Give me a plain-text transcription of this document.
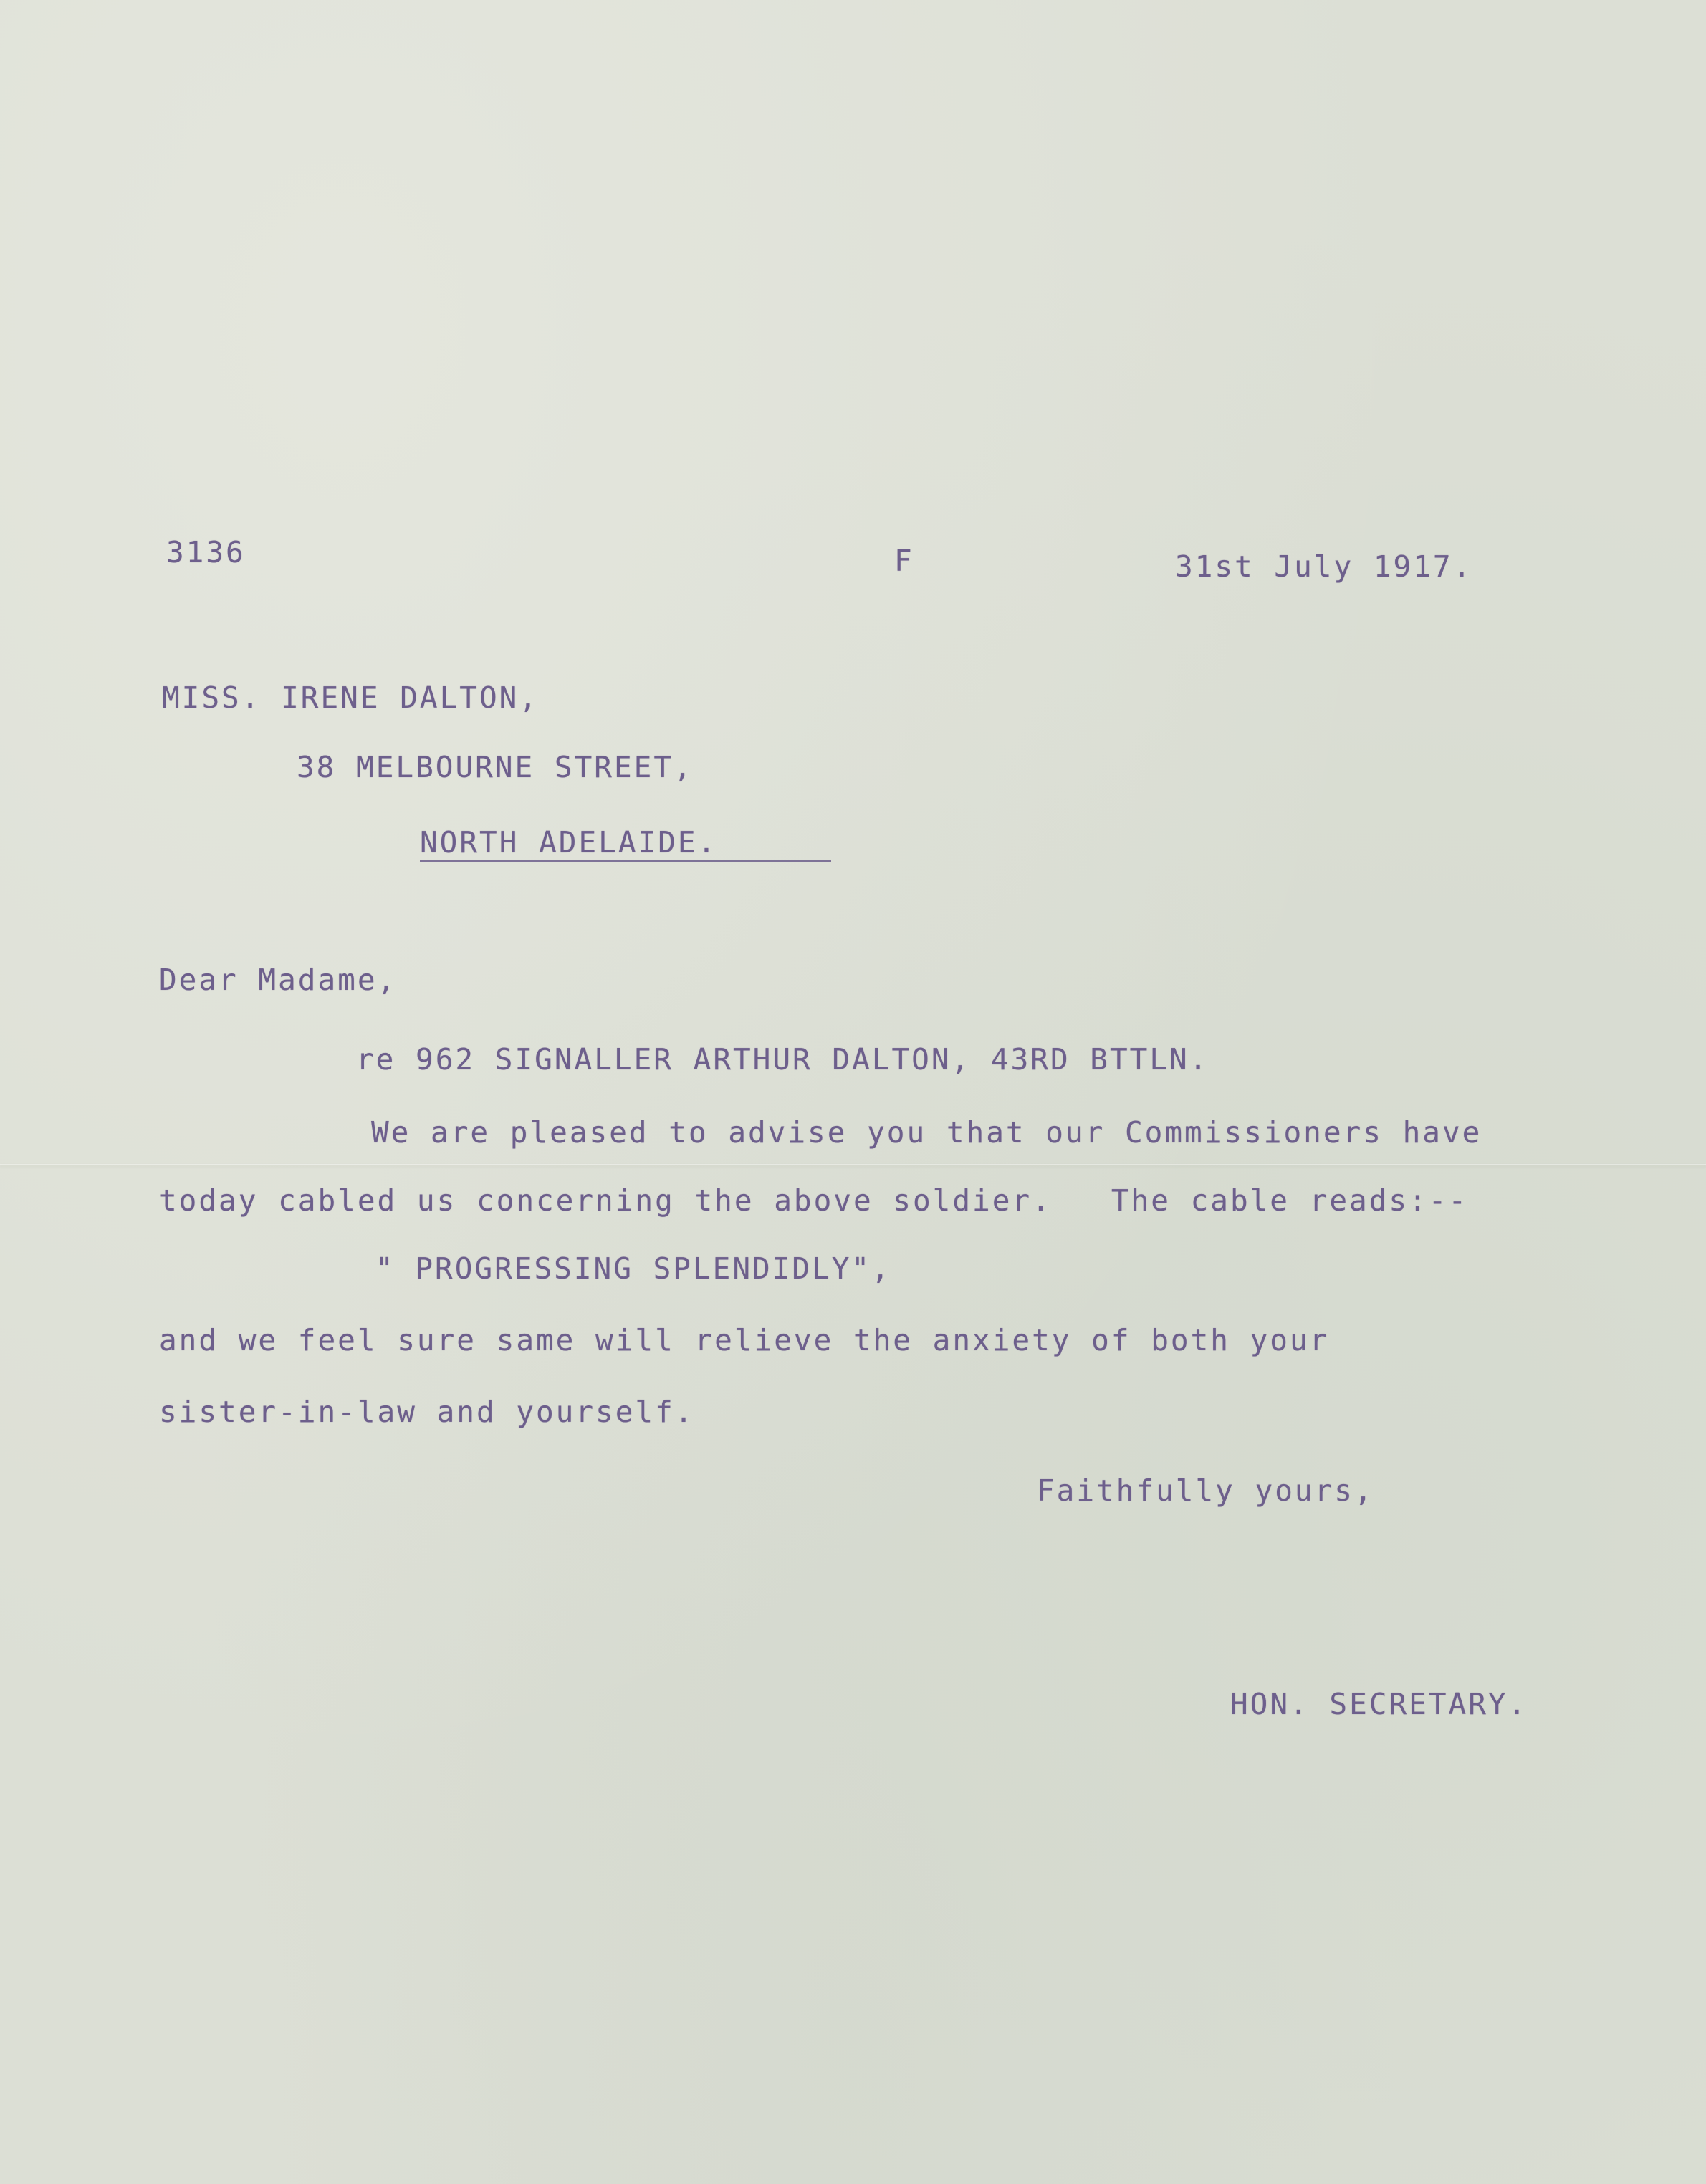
3136	F	31st July 1917.
MISS. IRENE DALTON,
38 MELBOURNE STREET,
NORTH ADELAIDE.
Dear Madame,
re 962 SIGNALLER ARTHUR DALTON, 43RD BTTLN.
We are pleased to advise you that our Commissioners have
today cabled us concerning the above soldier.   The cable reads:--
" PROGRESSING SPLENDIDLY",
and we feel sure same will relieve the anxiety of both your
sister-in-law and yourself.
Faithfully yours,
HON. SECRETARY.
